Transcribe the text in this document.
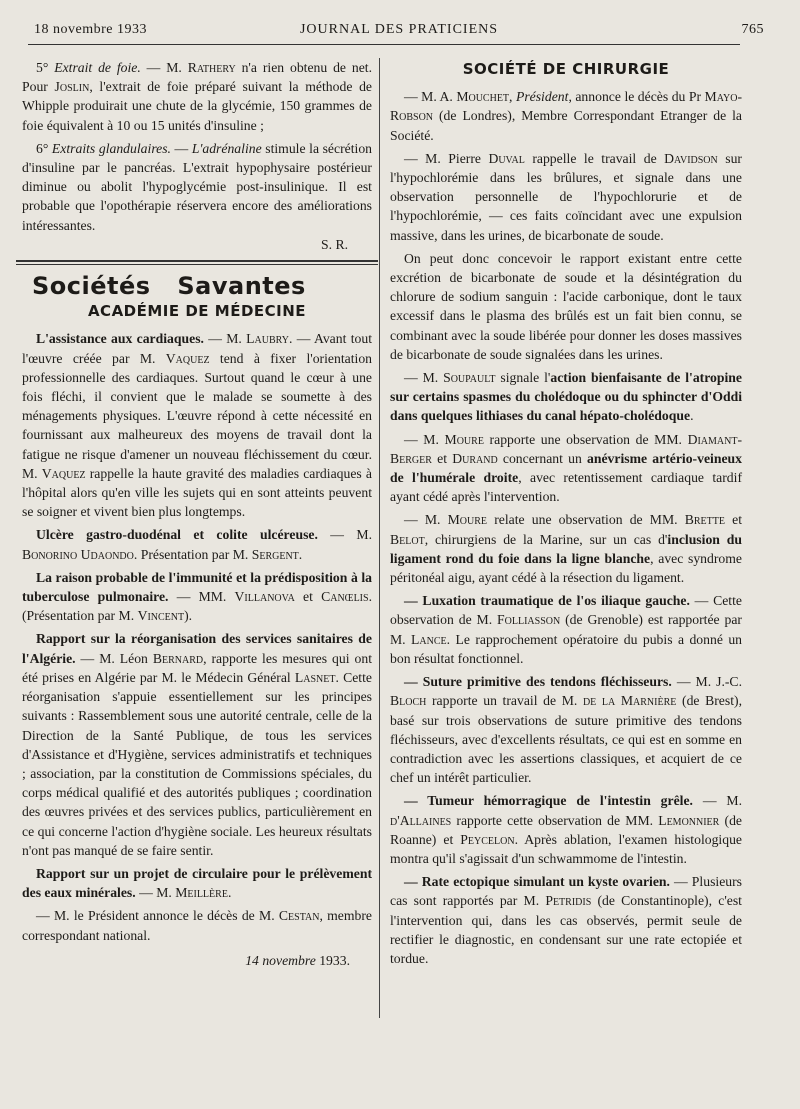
18 novembre 1933	JOURNAL DES PRATICIENS	765

5° Extrait de foie. — M. Rathery n'a rien obtenu de net. Pour Joslin, l'extrait de foie préparé suivant la méthode de Whipple produirait une chute de la glycémie, 150 grammes de foie équivalent à 10 ou 15 unités d'insuline ;

6° Extraits glandulaires. — L'adrénaline stimule la sécrétion d'insuline par le pancréas. L'extrait hypophysaire postérieur diminue ou abolit l'hypoglycémie post-insulinique. Il est probable que l'opothérapie réservera encore des améliorations intéressantes.
S. R.

Sociétés Savantes
ACADÉMIE DE MÉDECINE

L'assistance aux cardiaques. — M. Laubry. — Avant tout l'œuvre créée par M. Vaquez tend à fixer l'orientation professionnelle des cardiaques. Surtout quand le cœur à une fois fléchi, il convient que le malade se soumette à des ménagements physiques. L'œuvre répond à cette nécessité en fournissant aux malheureux des moyens de travail dont la fatigue ne risque d'amener un nouveau fléchissement du cœur. M. Vaquez rappelle la haute gravité des maladies cardiaques à l'hôpital alors qu'en ville les sujets qui en sont atteints peuvent se soigner et vivent bien plus longtemps.

Ulcère gastro-duodénal et colite ulcéreuse. — M. Bonorino Udaondo. Présentation par M. Sergent.

La raison probable de l'immunité et la prédisposition à la tuberculose pulmonaire. — MM. Villanova et Canœlis. (Présentation par M. Vincent).

Rapport sur la réorganisation des services sanitaires de l'Algérie. — M. Léon Bernard, rapporte les mesures qui ont été prises en Algérie par M. le Médecin Général Lasnet. Cette réorganisation s'appuie essentiellement sur les principes suivants : Rassemblement sous une autorité centrale, celle de la Direction de la Santé Publique, de tous les services d'Assistance et d'Hygiène, services administratifs et techniques ; association, par la constitution de Commissions spéciales, du corps médical qualifié et des autorités publiques ; coordination des œuvres privées et des services publics, particulièrement en ce qui concerne l'action d'hygiène sociale. Les heureux résultats n'ont pas manqué de se faire sentir.

Rapport sur un projet de circulaire pour le prélèvement des eaux minérales. — M. Meillère.

— M. le Président annonce le décès de M. Cestan, membre correspondant national.

14 novembre 1933.
SOCIÉTÉ DE CHIRURGIE

— M. A. Mouchet, Président, annonce le décès du Pr Mayo-Robson (de Londres), Membre Correspondant Etranger de la Société.

— M. Pierre Duval rappelle le travail de Davidson sur l'hypochlorémie dans les brûlures, et signale dans une observation personnelle de l'hypochlorurie et de l'hypochlorémie, — ces faits coïncidant avec une expulsion massive, dans les urines, de bicarbonate de soude.

On peut donc concevoir le rapport existant entre cette excrétion de bicarbonate de soude et la désintégration du chlorure de sodium sanguin : l'acide carbonique, dont le taux excessif dans le plasma des brûlés est un fait bien connu, se combinant avec la soude libérée pour donner les doses massives de bicarbonate de soude signalées dans les urines.

— M. Soupault signale l'action bienfaisante de l'atropine sur certains spasmes du cholédoque ou du sphincter d'Oddi dans quelques lithiases du canal hépato-cholédoque.

— M. Moure rapporte une observation de MM. Diamant-Berger et Durand concernant un anévrisme artério-veineux de l'humérale droite, avec retentissement cardiaque tardif ayant cédé après l'intervention.

— M. Moure relate une observation de MM. Brette et Belot, chirurgiens de la Marine, sur un cas d'inclusion du ligament rond du foie dans la ligne blanche, avec syndrome péritonéal aigu, ayant cédé à la résection du ligament.

— Luxation traumatique de l'os iliaque gauche. — Cette observation de M. Folliasson (de Grenoble) est rapportée par M. Lance. Le rapprochement opératoire du pubis a donné un bon résultat fonctionnel.

— Suture primitive des tendons fléchisseurs. — M. J.-C. Bloch rapporte un travail de M. de la Marnière (de Brest), basé sur trois observations de suture primitive des tendons fléchisseurs, avec d'excellents résultats, ce qui est en somme en contradiction avec les assertions classiques, et acquiert de ce chef un intérêt particulier.

— Tumeur hémorragique de l'intestin grêle. — M. d'Allaines rapporte cette observation de MM. Lemonnier (de Roanne) et Peycelon. Après ablation, l'examen histologique montra qu'il s'agissait d'un schwammome de l'intestin.

— Rate ectopique simulant un kyste ovarien. — Plusieurs cas sont rapportés par M. Petridis (de Constantinople), c'est l'intervention qui, dans les cas observés, permit seule de rectifier le diagnostic, en condensant sur une rate ectopiée et tordue.
